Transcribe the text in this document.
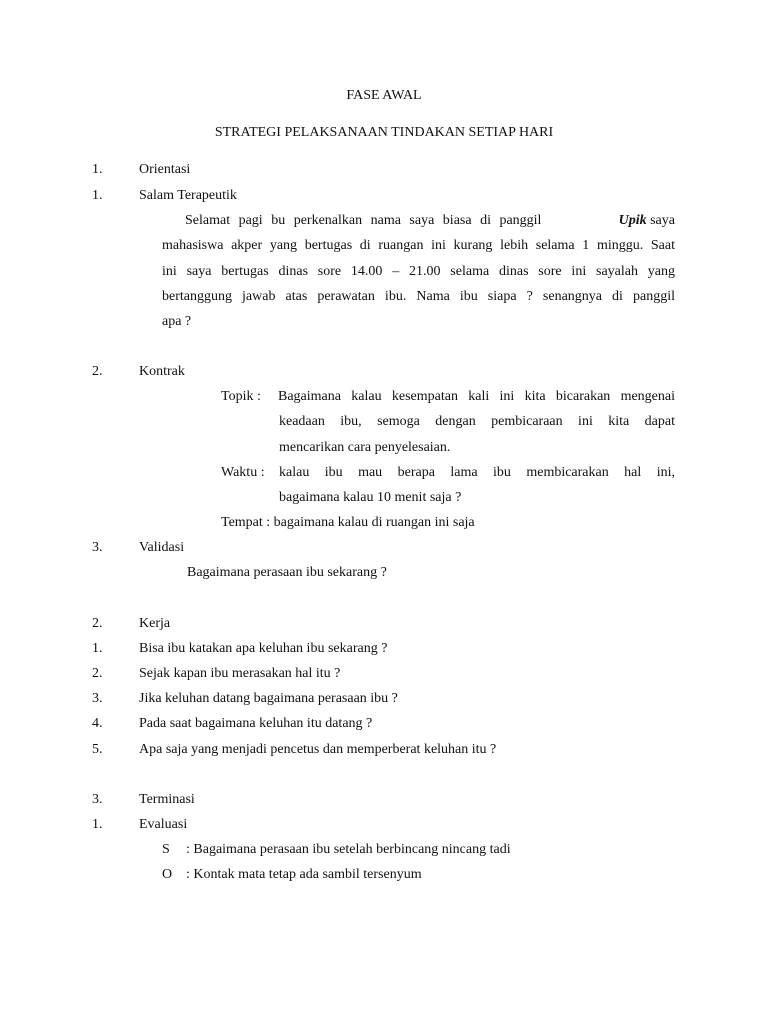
FASE AWAL
STRATEGI PELAKSANAAN TINDAKAN SETIAP HARI
1.	Orientasi
1.	Salam Terapeutik
Selamat pagi bu perkenalkan nama saya biasa di panggil	Upik saya
mahasiswa akper yang bertugas di ruangan ini kurang lebih selama 1 minggu. Saat
ini saya bertugas dinas sore 14.00 – 21.00 selama dinas sore ini sayalah yang
bertanggung jawab atas perawatan ibu. Nama ibu siapa ? senangnya di panggil
apa ?
2.	Kontrak
Topik : Bagaimana kalau kesempatan kali ini kita bicarakan mengenai
keadaan ibu, semoga dengan pembicaraan ini kita dapat
mencarikan cara penyelesaian.
Waktu : kalau ibu mau berapa lama ibu membicarakan hal ini,
bagaimana kalau 10 menit saja ?
Tempat : bagaimana kalau di ruangan ini saja
3.	Validasi
Bagaimana perasaan ibu sekarang ?
2.	Kerja
1.	Bisa ibu katakan apa keluhan ibu sekarang ?
2.	Sejak kapan ibu merasakan hal itu ?
3.	Jika keluhan datang bagaimana perasaan ibu ?
4.	Pada saat bagaimana keluhan itu datang ?
5.	Apa saja yang menjadi pencetus dan memperberat keluhan itu ?
3.	Terminasi
1.	Evaluasi
S : Bagaimana perasaan ibu setelah berbincang nincang tadi
O : Kontak mata tetap ada sambil tersenyum
